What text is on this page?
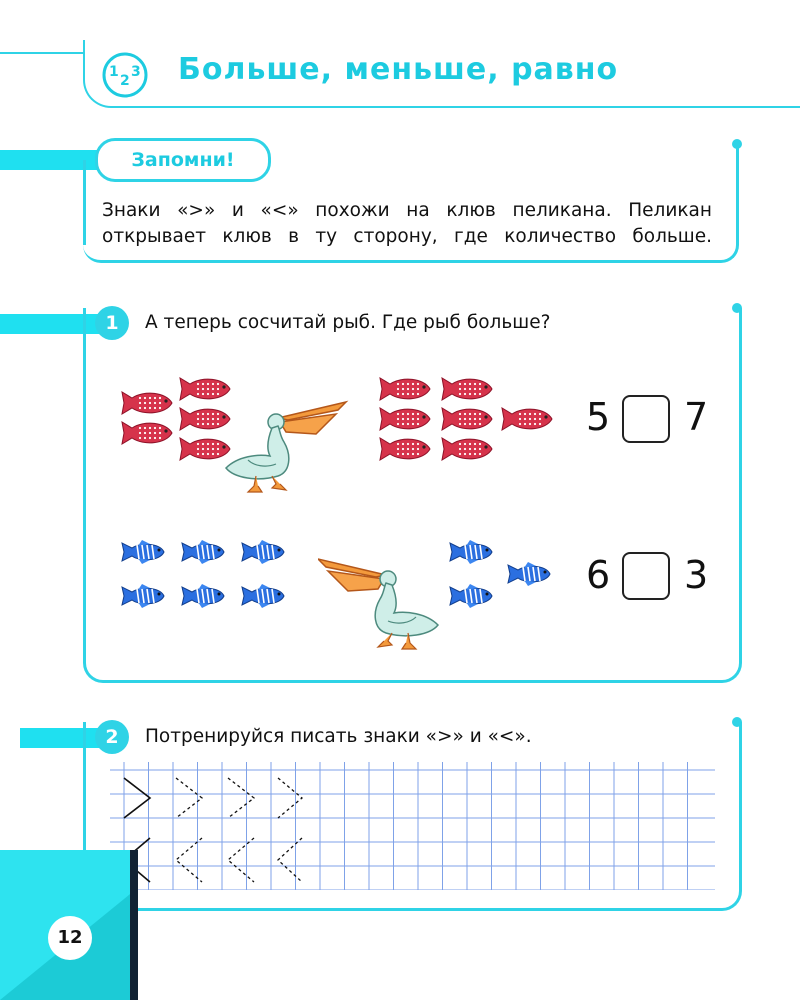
1
2
3 Больше, меньше, равно
Запомни!
Знаки «>» и «<» похожи на клюв пеликана. Пеликан
открывает клюв в ту сторону, где количество больше.
1	А теперь сосчитай рыб. Где рыб больше?
5 7
6 3
2	Потренируйся писать знаки «>» и «<».
12
